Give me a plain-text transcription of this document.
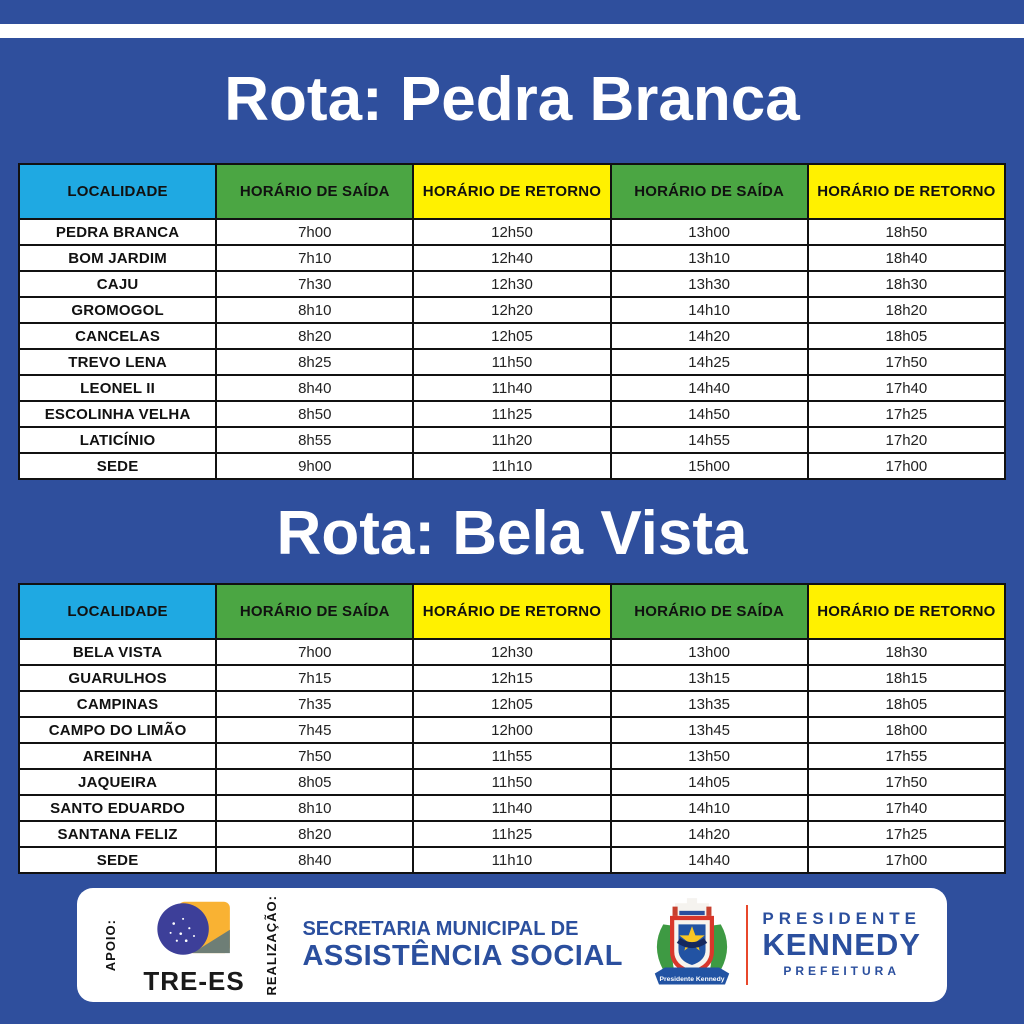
Rota: Pedra Branca
LOCALIDADE	HORÁRIO DE SAÍDA	HORÁRIO DE RETORNO	HORÁRIO DE SAÍDA	HORÁRIO DE RETORNO
PEDRA BRANCA	7h00	12h50	13h00	18h50
BOM JARDIM	7h10	12h40	13h10	18h40
CAJU	7h30	12h30	13h30	18h30
GROMOGOL	8h10	12h20	14h10	18h20
CANCELAS	8h20	12h05	14h20	18h05
TREVO LENA	8h25	11h50	14h25	17h50
LEONEL II	8h40	11h40	14h40	17h40
ESCOLINHA VELHA	8h50	11h25	14h50	17h25
LATICÍNIO	8h55	11h20	14h55	17h20
SEDE	9h00	11h10	15h00	17h00
Rota: Bela Vista
LOCALIDADE	HORÁRIO DE SAÍDA	HORÁRIO DE RETORNO	HORÁRIO DE SAÍDA	HORÁRIO DE RETORNO
BELA VISTA	7h00	12h30	13h00	18h30
GUARULHOS	7h15	12h15	13h15	18h15
CAMPINAS	7h35	12h05	13h35	18h05
CAMPO DO LIMÃO	7h45	12h00	13h45	18h00
AREINHA	7h50	11h55	13h50	17h55
JAQUEIRA	8h05	11h50	14h05	17h50
SANTO EDUARDO	8h10	11h40	14h10	17h40
SANTANA FELIZ	8h20	11h25	14h20	17h25
SEDE	8h40	11h10	14h40	17h00
APOIO:
TRE-ES REALIZAÇÃO: SECRETARIA MUNICIPAL DE
ASSISTÊNCIA SOCIAL
Presidente Kennedy
PRESIDENTE
KENNEDY
PREFEITURA
